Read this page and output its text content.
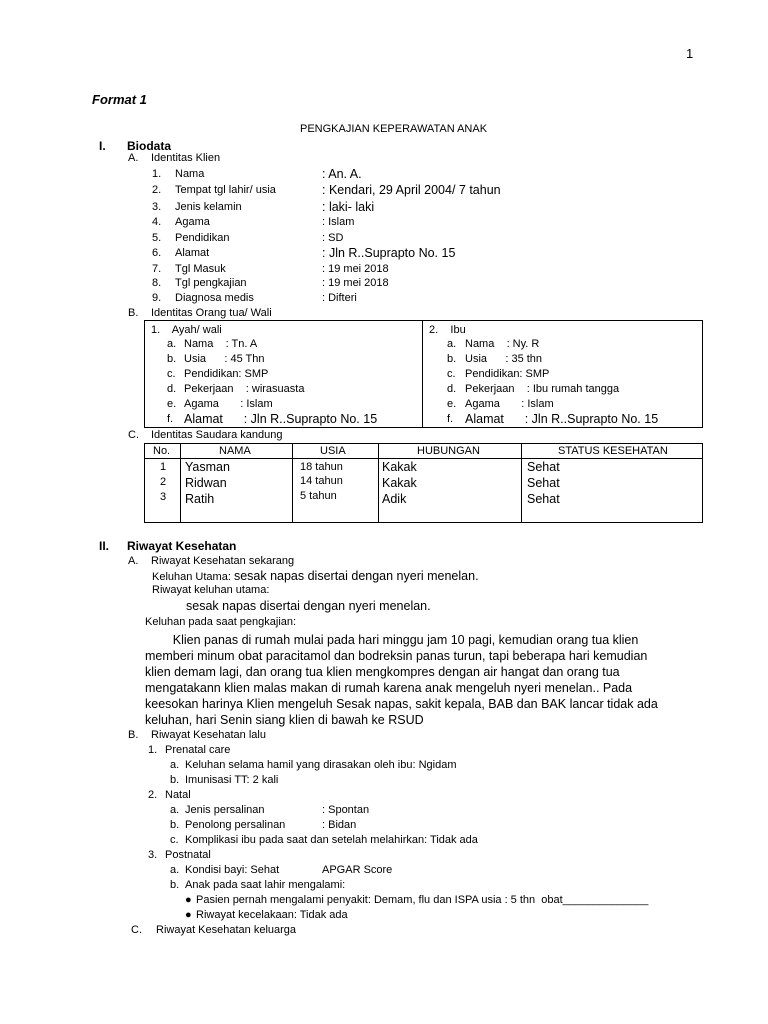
1
Format 1
PENGKAJIAN KEPERAWATAN ANAK
I. Biodata
A. Identitas Klien
1. Nama	: An. A.
2. Tempat tgl lahir/ usia	: Kendari, 29 April 2004/ 7 tahun
3. Jenis kelamin	: laki- laki
4. Agama	: Islam
5. Pendidikan	: SD
6. Alamat	: Jln R..Suprapto No. 15
7. Tgl Masuk	: 19 mei 2018
8. Tgl pengkajian	: 19 mei 2018
9. Diagnosa medis	: Difteri
B. Identitas Orang tua/ Wali
1.    Ayah/ wali
a. Nama    : Tn. A
b. Usia      : 45 Thn
c. Pendidikan: SMP
d. Pekerjaan    : wirasuasta
e. Agama       : Islam
f. Alamat      : Jln R..Suprapto No. 15
2.    Ibu
a. Nama    : Ny. R
b. Usia      : 35 thn
c. Pendidikan: SMP
d. Pekerjaan    : Ibu rumah tangga
e. Agama       : Islam
f. Alamat      : Jln R..Suprapto No. 15
C. Identitas Saudara kandung
No.	NAMA	USIA	HUBUNGAN	STATUS KESEHATAN
1 Yasman	18 tahun	Kakak	Sehat
2 Ridwan	14 tahun	Kakak	Sehat
3 Ratih	5 tahun	Adik	Sehat
II. Riwayat Kesehatan
A. Riwayat Kesehatan sekarang
Keluhan Utama: sesak napas disertai dengan nyeri menelan.
Riwayat keluhan utama:
sesak napas disertai dengan nyeri menelan.
Keluhan pada saat pengkajian:

Klien panas di rumah mulai pada hari minggu jam 10 pagi, kemudian orang tua klien

memberi minum obat paracitamol dan bodreksin panas turun, tapi beberapa hari kemudian

klien demam lagi, dan orang tua klien mengkompres dengan air hangat dan orang tua

mengatakann klien malas makan di rumah karena anak mengeluh nyeri menelan.. Pada

keesokan harinya Klien mengeluh Sesak napas, sakit kepala, BAB dan BAK lancar tidak ada

keluhan, hari Senin siang klien di bawah ke RSUD

B. Riwayat Kesehatan lalu
1. Prenatal care
a. Keluhan selama hamil yang dirasakan oleh ibu: Ngidam
b. Imunisasi TT: 2 kali
2. Natal
a. Jenis persalinan	: Spontan
b. Penolong persalinan	: Bidan
c. Komplikasi ibu pada saat dan setelah melahirkan: Tidak ada
3. Postnatal
a. Kondisi bayi: Sehat	APGAR Score
b. Anak pada saat lahir mengalami:
● Pasien pernah mengalami penyakit: Demam, flu dan ISPA usia : 5 thn  obat______________
● Riwayat kecelakaan: Tidak ada
C. Riwayat Kesehatan keluarga
